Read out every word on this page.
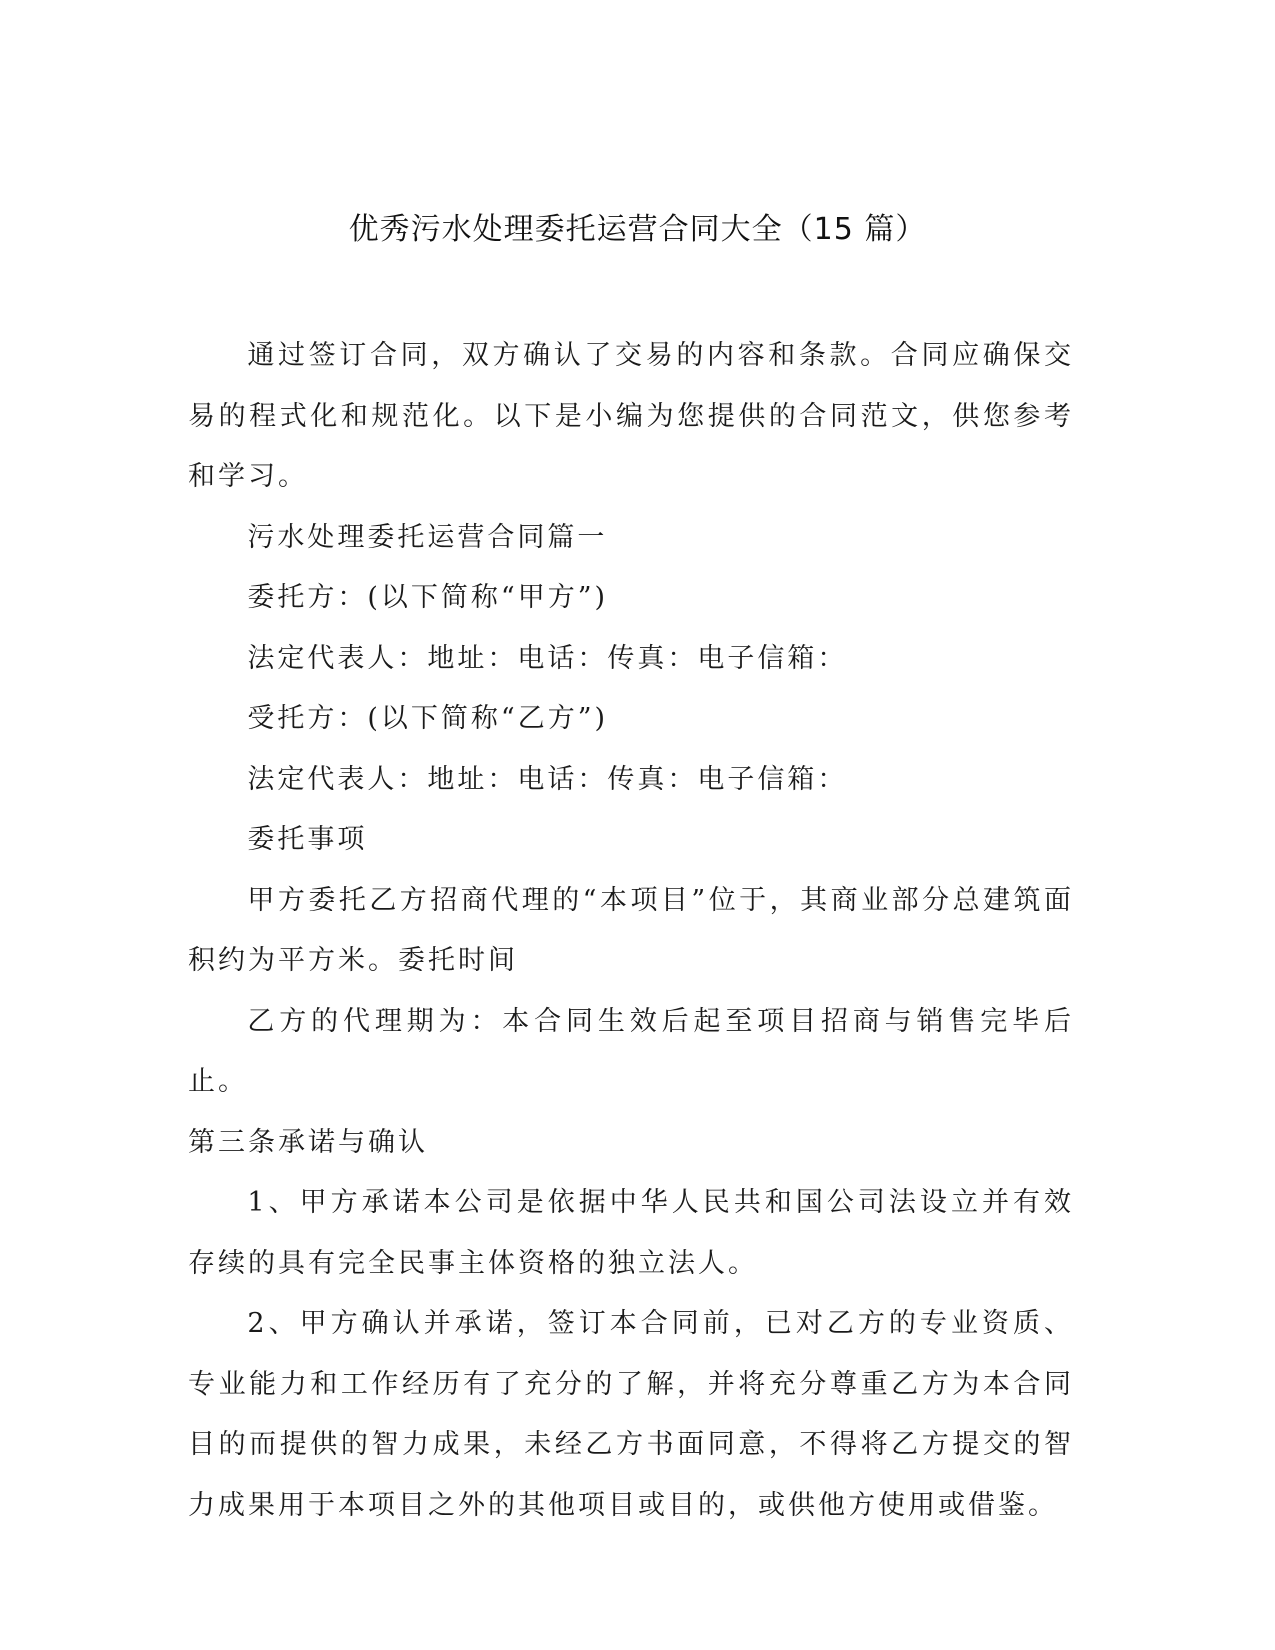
优秀污水处理委托运营合同大全（15 篇）

通过签订合同，双方确认了交易的内容和条款。合同应确保交易的程式化和规范化。以下是小编为您提供的合同范文，供您参考和学习。

污水处理委托运营合同篇一

委托方：(以下简称“甲方”)

法定代表人：地址：电话：传真：电子信箱：

受托方：(以下简称“乙方”)

法定代表人：地址：电话：传真：电子信箱：

委托事项

甲方委托乙方招商代理的“本项目”位于，其商业部分总建筑面积约为平方米。委托时间

乙方的代理期为：本合同生效后起至项目招商与销售完毕后止。

第三条承诺与确认

1、甲方承诺本公司是依据中华人民共和国公司法设立并有效存续的具有完全民事主体资格的独立法人。

2、甲方确认并承诺，签订本合同前，已对乙方的专业资质、专业能力和工作经历有了充分的了解，并将充分尊重乙方为本合同目的而提供的智力成果，未经乙方书面同意，不得将乙方提交的智力成果用于本项目之外的其他项目或目的，或供他方使用或借鉴。
